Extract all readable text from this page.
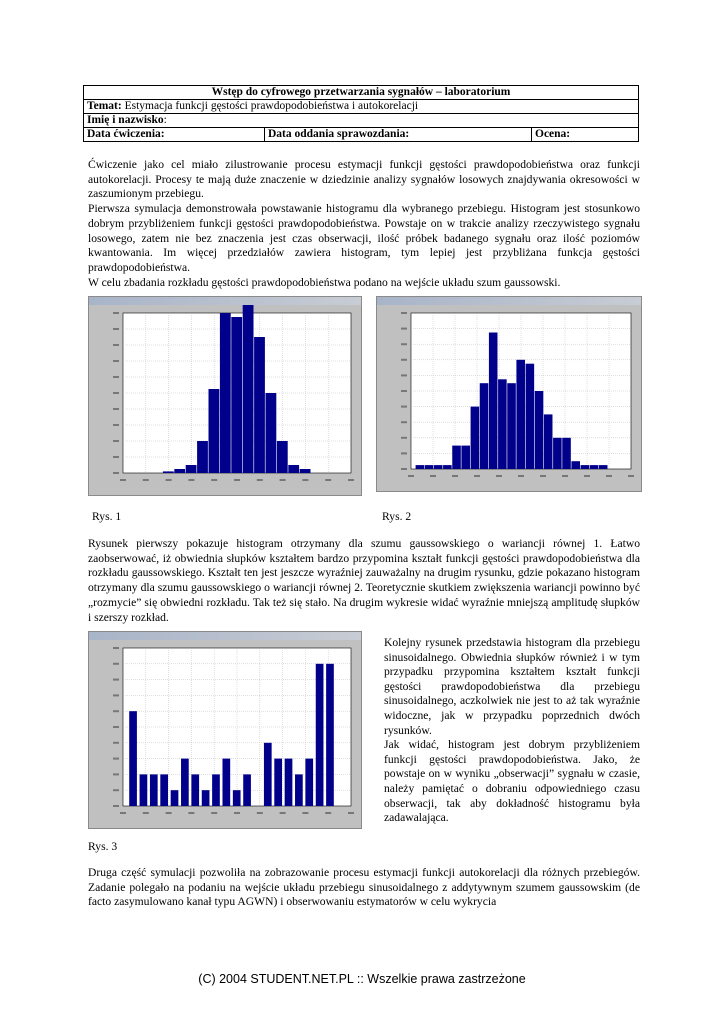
Wstęp do cyfrowego przetwarzania sygnałów – laboratorium
Temat: Estymacja funkcji gęstości prawdopodobieństwa i autokorelacji
Imię i nazwisko:
Data ćwiczenia:	Data oddania sprawozdania:	Ocena:

Ćwiczenie jako cel miało zilustrowanie procesu estymacji funkcji gęstości prawdopodobieństwa oraz funkcji autokorelacji. Procesy te mają duże znaczenie w dziedzinie analizy sygnałów losowych znajdywania okresowości w zaszumionym przebiegu.

Pierwsza symulacja demonstrowała powstawanie histogramu dla wybranego przebiegu. Histogram jest stosunkowo dobrym przybliżeniem funkcji gęstości prawdopodobieństwa. Powstaje on w trakcie analizy rzeczywistego sygnału losowego, zatem nie bez znaczenia jest czas obserwacji, ilość próbek badanego sygnału oraz ilość poziomów kwantowania. Im więcej przedziałów zawiera histogram, tym lepiej jest przybliżana funkcja gęstości prawdopodobieństwa.

W celu zbadania rozkładu gęstości prawdopodobieństwa podano na wejście układu szum gaussowski.

Rys. 1	Rys. 2

Rysunek pierwszy pokazuje histogram otrzymany dla szumu gaussowskiego o wariancji równej 1. Łatwo zaobserwować, iż obwiednia słupków kształtem bardzo przypomina kształt funkcji gęstości prawdopodobieństwa dla rozkładu gaussowskiego. Kształt ten jest jeszcze wyraźniej zauważalny na drugim rysunku, gdzie pokazano histogram otrzymany dla szumu gaussowskiego o wariancji równej 2. Teoretycznie skutkiem zwiększenia wariancji powinno być „rozmycie” się obwiedni rozkładu. Tak też się stało. Na drugim wykresie widać wyraźnie mniejszą amplitudę słupków i szerszy rozkład.

Kolejny rysunek przedstawia histogram dla przebiegu sinusoidalnego. Obwiednia słupków również i w tym przypadku przypomina kształtem kształt funkcji gęstości prawdopodobieństwa dla przebiegu sinusoidalnego, aczkolwiek nie jest to aż tak wyraźnie widoczne, jak w przypadku poprzednich dwóch rysunków.

Jak widać, histogram jest dobrym przybliżeniem funkcji gęstości prawdopodobieństwa. Jako, że powstaje on w wyniku „obserwacji” sygnału w czasie, należy pamiętać o dobraniu odpowiedniego czasu obserwacji, tak aby dokładność histogramu była zadawalająca.

Rys. 3

Druga część symulacji pozwoliła na zobrazowanie procesu estymacji funkcji autokorelacji dla różnych przebiegów. Zadanie polegało na podaniu na wejście układu przebiegu sinusoidalnego z addytywnym szumem gaussowskim (de facto zasymulowano kanał typu AGWN) i obserwowaniu estymatorów w celu wykrycia

(C) 2004 STUDENT.NET.PL :: Wszelkie prawa zastrzeżone
